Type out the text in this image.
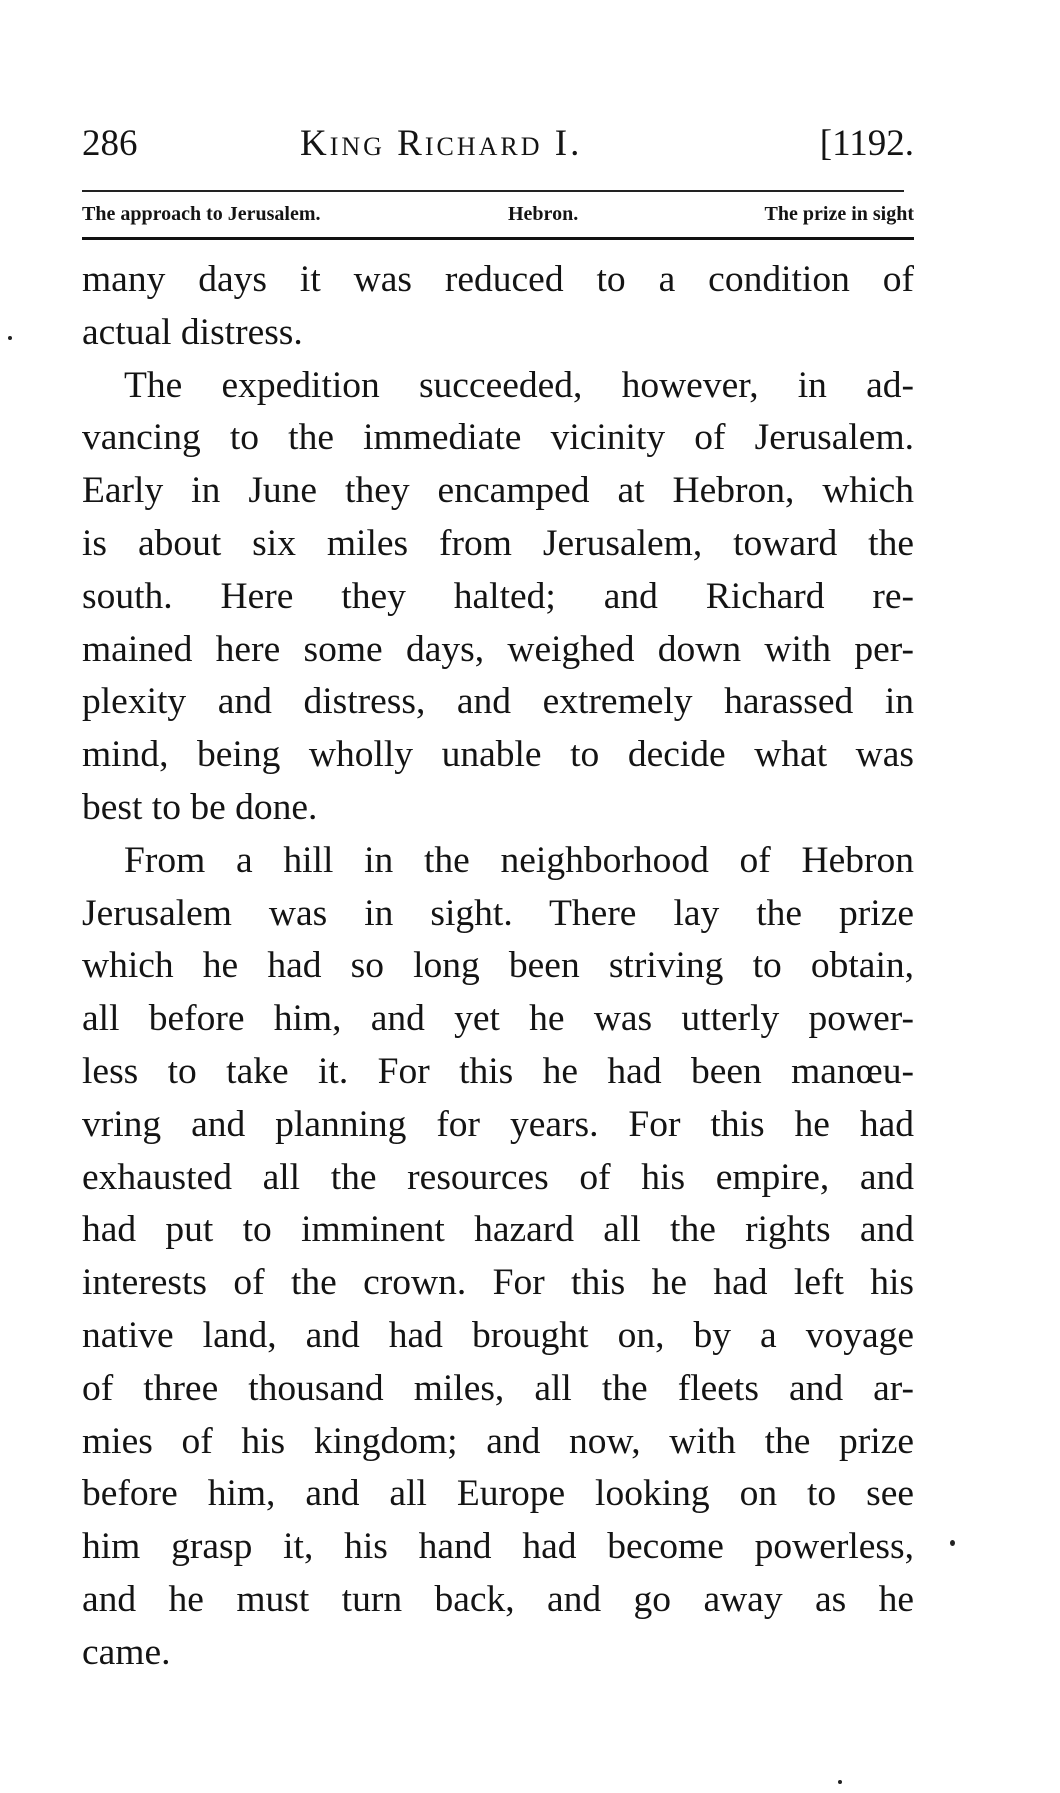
286	King Richard I.	[1192.
The approach to Jerusalem.	Hebron.	The prize in sight
many days it was reduced to a condition of
actual distress.
The expedition succeeded, however, in ad-
vancing to the immediate vicinity of Jerusalem.
Early in June they encamped at Hebron, which
is about six miles from Jerusalem, toward the
south. Here they halted; and Richard re-
mained here some days, weighed down with per-
plexity and distress, and extremely harassed in
mind, being wholly unable to decide what was
best to be done.
From a hill in the neighborhood of Hebron
Jerusalem was in sight. There lay the prize
which he had so long been striving to obtain,
all before him, and yet he was utterly power-
less to take it. For this he had been manœu-
vring and planning for years. For this he had
exhausted all the resources of his empire, and
had put to imminent hazard all the rights and
interests of the crown. For this he had left his
native land, and had brought on, by a voyage
of three thousand miles, all the fleets and ar-
mies of his kingdom; and now, with the prize
before him, and all Europe looking on to see
him grasp it, his hand had become powerless,
and he must turn back, and go away as he
came.
